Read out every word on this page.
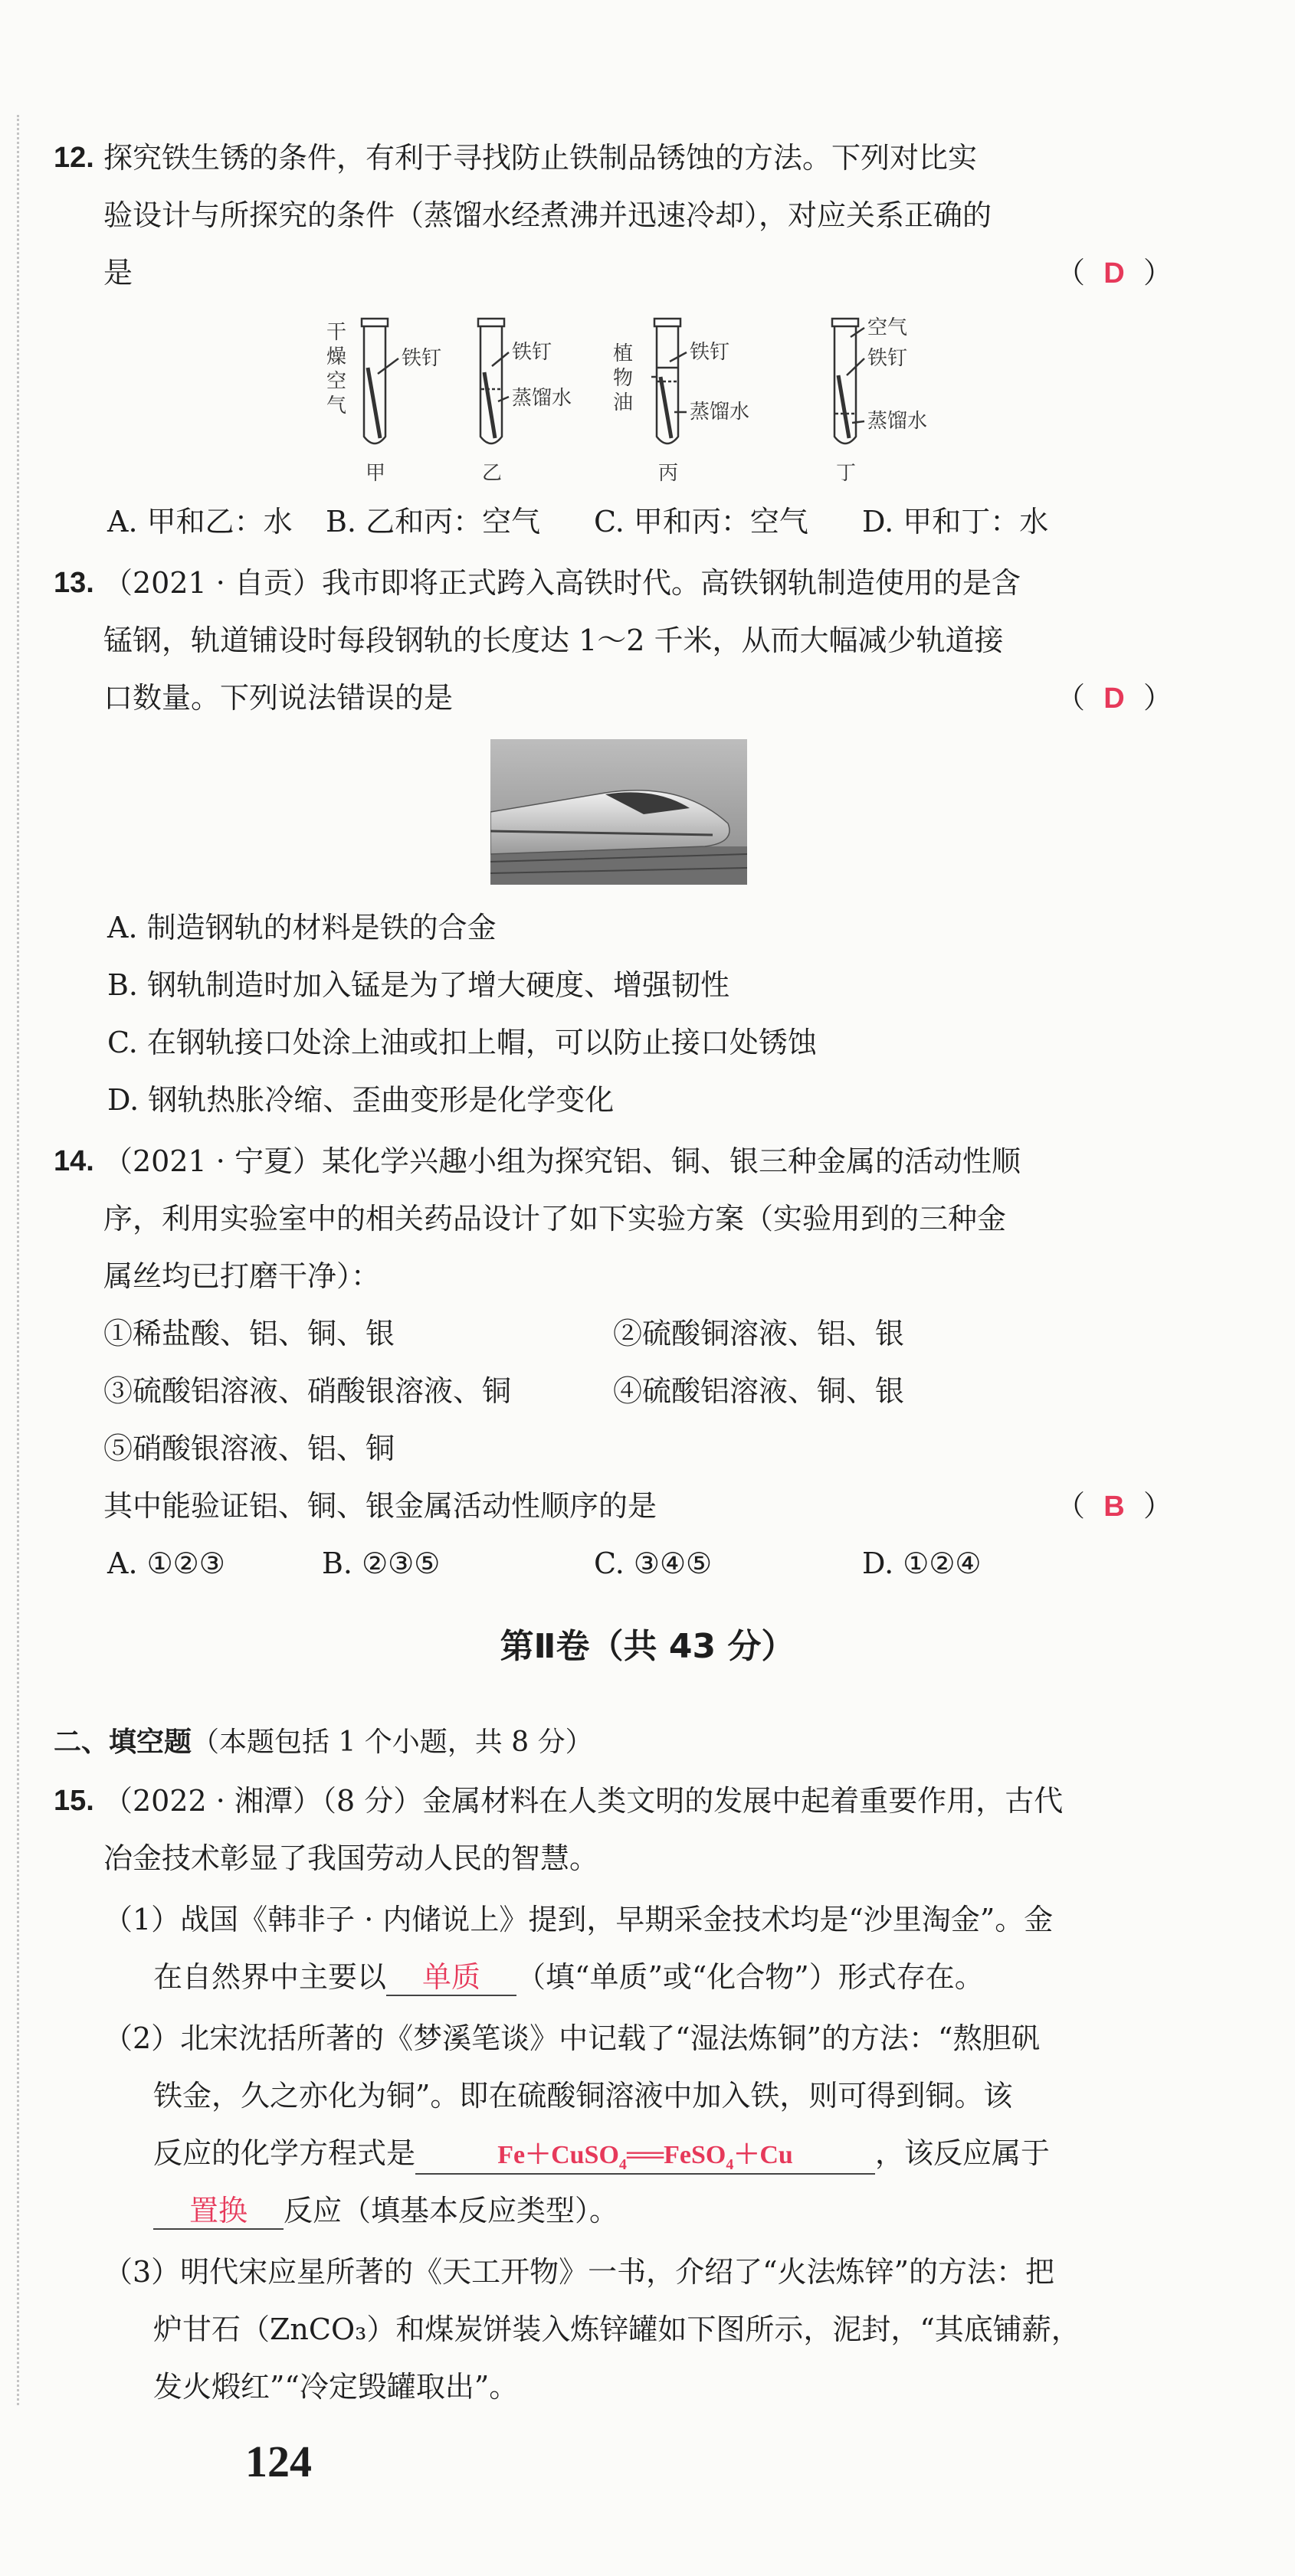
12. 探究铁生锈的条件，有利于寻找防止铁制品锈蚀的方法。下列对比实
验设计与所探究的条件（蒸馏水经煮沸并迅速冷却），对应关系正确的
是	（ D ）
干
燥
空
气
铁钉	铁钉
蒸馏水
植
物
油
铁钉
蒸馏水
空气
铁钉
蒸馏水
甲	乙	丙	丁
A. 甲和乙：水 B. 乙和丙：空气 C. 甲和丙：空气 D. 甲和丁：水
13. （2021 · 自贡）我市即将正式跨入高铁时代。高铁钢轨制造使用的是含
锰钢，轨道铺设时每段钢轨的长度达 1～2 千米，从而大幅减少轨道接
口数量。下列说法错误的是	（ D ）
A. 制造钢轨的材料是铁的合金
B. 钢轨制造时加入锰是为了增大硬度、增强韧性
C. 在钢轨接口处涂上油或扣上帽，可以防止接口处锈蚀
D. 钢轨热胀冷缩、歪曲变形是化学变化
14. （2021 · 宁夏）某化学兴趣小组为探究铝、铜、银三种金属的活动性顺
序，利用实验室中的相关药品设计了如下实验方案（实验用到的三种金
属丝均已打磨干净）：
①稀盐酸、铝、铜、银	②硫酸铜溶液、铝、银
③硫酸铝溶液、硝酸银溶液、铜	④硫酸铝溶液、铜、银
⑤硝酸银溶液、铝、铜
其中能验证铝、铜、银金属活动性顺序的是	（ B ）
A. ①②③	B. ②③⑤	C. ③④⑤	D. ①②④
第Ⅱ卷（共 43 分）
二、填空题（本题包括 1 个小题，共 8 分）
15. （2022 · 湘潭）（8 分）金属材料在人类文明的发展中起着重要作用，古代
冶金技术彰显了我国劳动人民的智慧。
（1）战国《韩非子 · 内储说上》提到，早期采金技术均是“沙里淘金”。金
在自然界中主要以 单质 （填“单质”或“化合物”）形式存在。
（2）北宋沈括所著的《梦溪笔谈》中记载了“湿法炼铜”的方法：“熬胆矾
铁金，久之亦化为铜”。即在硫酸铜溶液中加入铁，则可得到铜。该
反应的化学方程式是	Fe＋CuSO$_4$══FeSO$_4$＋Cu	，该反应属于
置换 反应（填基本反应类型）。
（3）明代宋应星所著的《天工开物》一书，介绍了“火法炼锌”的方法：把
炉甘石（ZnCO₃）和煤炭饼装入炼锌罐如下图所示，泥封，“其底铺薪，
发火煅红”“冷定毁罐取出”。
124
